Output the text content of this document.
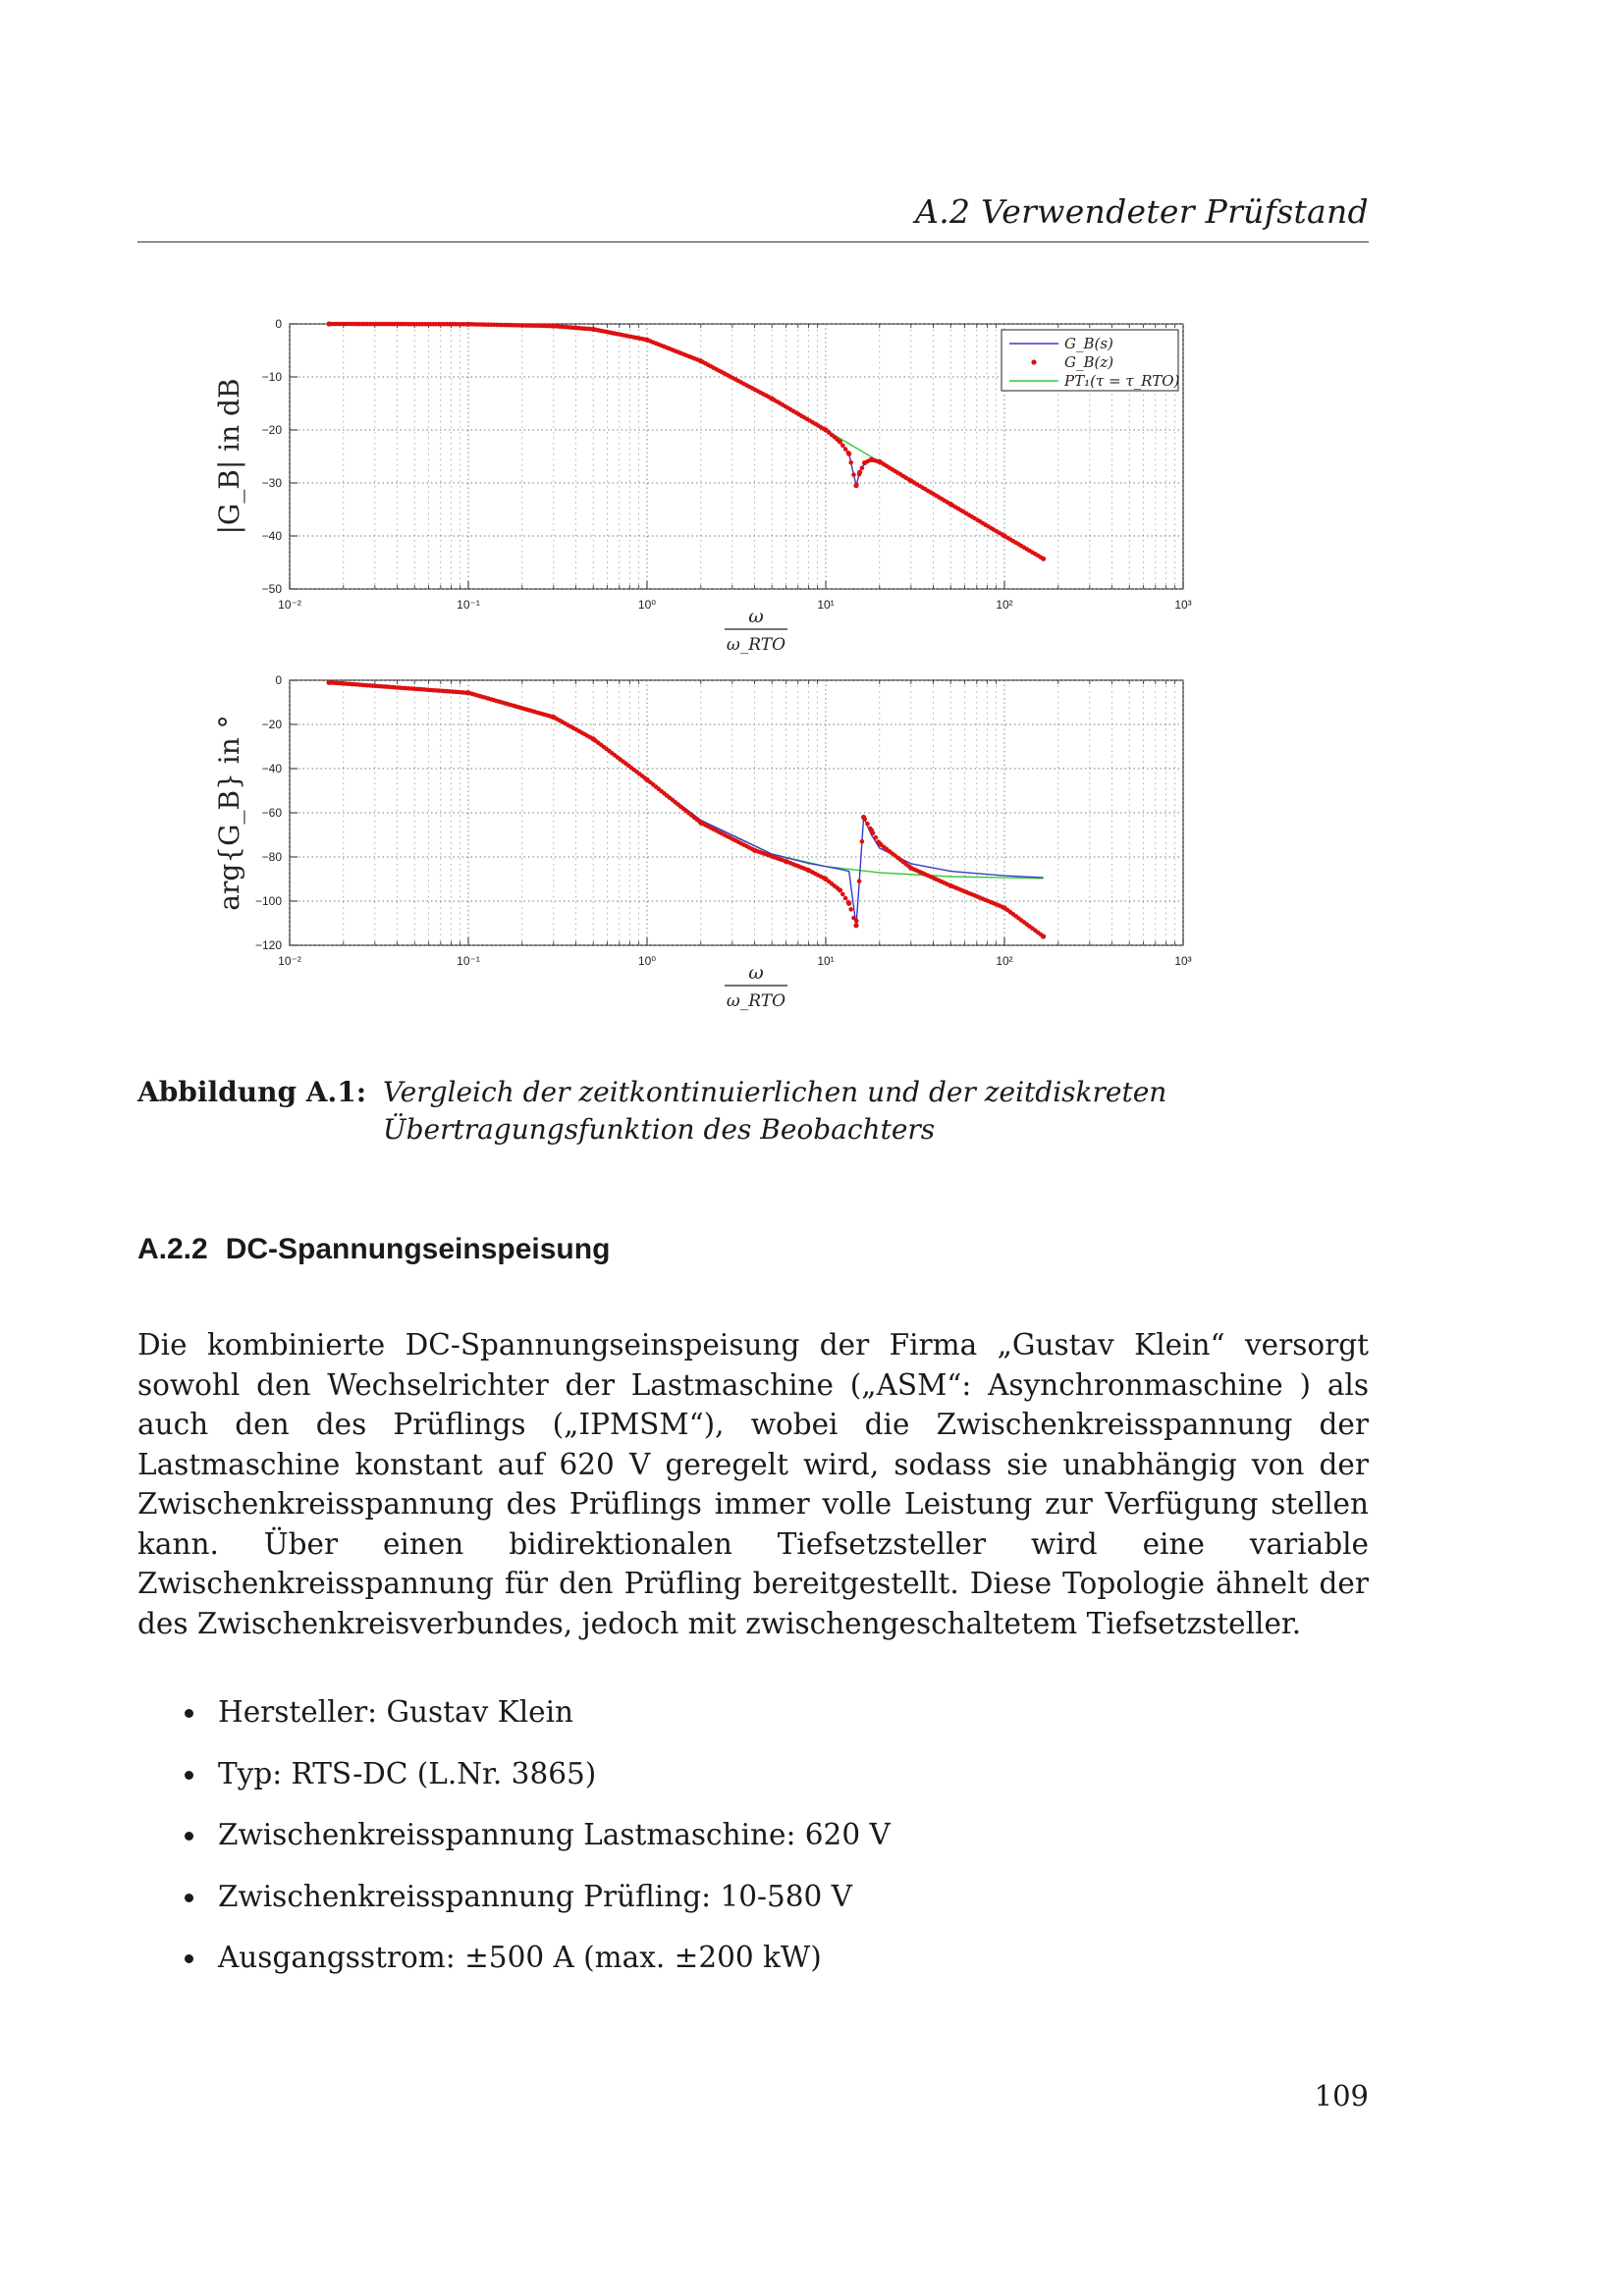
A.2 Verwendeter Prüfstand
10⁻²	10⁻¹	10⁰	10¹	10²	10³
0
−10
−20
−30
−40
−50
|G_B| in dB
ω
ω_RTO
G_B(s)
G_B(z)
PT₁(τ = τ_RTO)
10⁻²	10⁻¹	10⁰	10¹	10²	10³
0
−20
−40
−60
−80
−100
−120
arg{G_B} in °
ω
ω_RTO
Abbildung A.1: Vergleich der zeitkontinuierlichen und der zeitdiskreten Übertragungsfunktion des Beobachters
A.2.2 DC-Spannungseinspeisung

Die kombinierte DC-Spannungseinspeisung der Firma „Gustav Klein“ versorgt sowohl den Wechselrichter der Lastmaschine („ASM“: Asynchronmaschine ) als auch den des Prüflings („IPMSM“), wobei die Zwischenkreisspannung der Lastmaschine konstant auf 620 V geregelt wird, sodass sie unabhängig von der Zwischenkreisspannung des Prüflings immer volle Leistung zur Verfügung stellen kann. Über einen bidirektionalen Tiefsetzsteller wird eine variable Zwischenkreisspannung für den Prüfling bereitgestellt. Diese Topologie ähnelt der des Zwischenkreisverbundes, jedoch mit zwischengeschaltetem Tiefsetzsteller.

Hersteller: Gustav Klein
Typ: RTS-DC (L.Nr. 3865)
Zwischenkreisspannung Lastmaschine: 620 V
Zwischenkreisspannung Prüfling: 10-580 V
Ausgangsstrom: ±500 A (max. ±200 kW)
109
